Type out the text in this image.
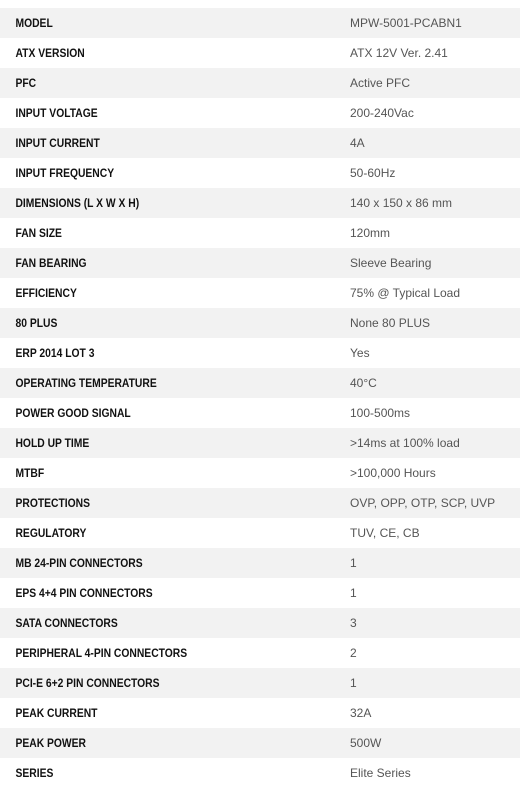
MODEL	MPW-5001-PCABN1
ATX VERSION	ATX 12V Ver. 2.41
PFC	Active PFC
INPUT VOLTAGE	200-240Vac
INPUT CURRENT	4A
INPUT FREQUENCY	50-60Hz
DIMENSIONS (L X W X H)	140 x 150 x 86 mm
FAN SIZE	120mm
FAN BEARING	Sleeve Bearing
EFFICIENCY	75% @ Typical Load
80 PLUS	None 80 PLUS
ERP 2014 LOT 3	Yes
OPERATING TEMPERATURE	40°C
POWER GOOD SIGNAL	100-500ms
HOLD UP TIME	>14ms at 100% load
MTBF	>100,000 Hours
PROTECTIONS	OVP, OPP, OTP, SCP, UVP
REGULATORY	TUV, CE, CB
MB 24-PIN CONNECTORS	1
EPS 4+4 PIN CONNECTORS	1
SATA CONNECTORS	3
PERIPHERAL 4-PIN CONNECTORS	2
PCI-E 6+2 PIN CONNECTORS	1
PEAK CURRENT	32A
PEAK POWER	500W
SERIES	Elite Series
